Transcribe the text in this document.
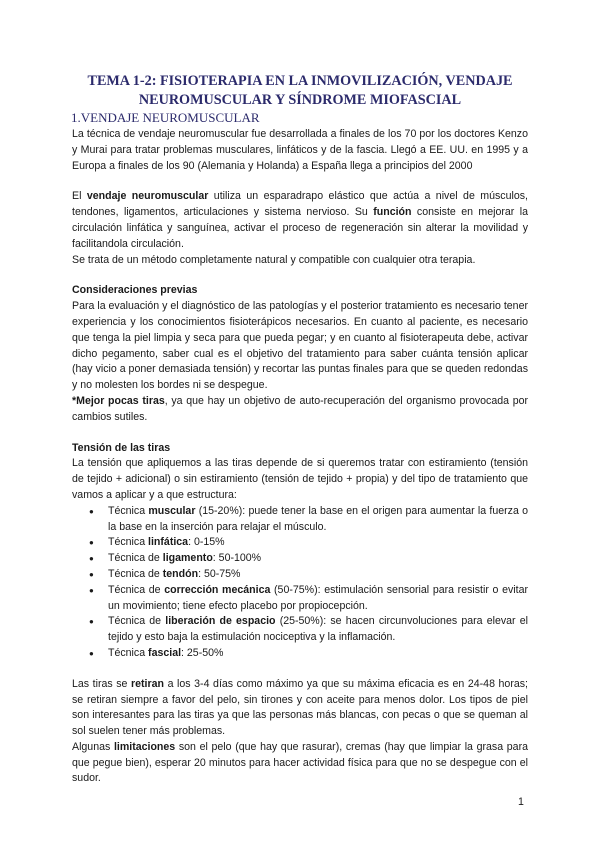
TEMA 1-2: FISIOTERAPIA EN LA INMOVILIZACIÓN, VENDAJE
NEUROMUSCULAR Y SÍNDROME MIOFASCIAL
1.VENDAJE NEUROMUSCULAR

La técnica de vendaje neuromuscular fue desarrollada a finales de los 70 por los doctores Kenzo y Murai para tratar problemas musculares, linfáticos y de la fascia. Llegó a EE. UU. en 1995 y a Europa a finales de los 90 (Alemania y Holanda) a España llega a principios del 2000

El vendaje neuromuscular utiliza un esparadrapo elástico que actúa a nivel de músculos, tendones, ligamentos, articulaciones y sistema nervioso. Su función consiste en mejorar la circulación linfática y sanguínea, activar el proceso de regeneración sin alterar la movilidad y facilitandola circulación.

Se trata de un método completamente natural y compatible con cualquier otra terapia.

Consideraciones previas

Para la evaluación y el diagnóstico de las patologías y el posterior tratamiento es necesario tener experiencia y los conocimientos fisioterápicos necesarios. En cuanto al paciente, es necesario que tenga la piel limpia y seca para que pueda pegar; y en cuanto al fisioterapeuta debe, activar dicho pegamento, saber cual es el objetivo del tratamiento para saber cuánta tensión aplicar (hay vicio a poner demasiada tensión) y recortar las puntas finales para que se queden redondas y no molesten los bordes ni se despegue.

*Mejor pocas tiras, ya que hay un objetivo de auto-recuperación del organismo provocada por cambios sutiles.

Tensión de las tiras

La tensión que apliquemos a las tiras depende de si queremos tratar con estiramiento (tensión de tejido + adicional) o sin estiramiento (tensión de tejido + propia) y del tipo de tratamiento que vamos a aplicar y a que estructura:

● Técnica muscular (15-20%): puede tener la base en el origen para aumentar la fuerza o la base en la inserción para relajar el músculo.
● Técnica linfática: 0-15%
● Técnica de ligamento: 50-100%
● Técnica de tendón: 50-75%
● Técnica de corrección mecánica (50-75%): estimulación sensorial para resistir o evitar un movimiento; tiene efecto placebo por propiocepción.
● Técnica de liberación de espacio (25-50%): se hacen circunvoluciones para elevar el tejido y esto baja la estimulación nociceptiva y la inflamación.
● Técnica fascial: 25-50%

Las tiras se retiran a los 3-4 días como máximo ya que su máxima eficacia es en 24-48 horas; se retiran siempre a favor del pelo, sin tirones y con aceite para menos dolor. Los tipos de piel son interesantes para las tiras ya que las personas más blancas, con pecas o que se queman al sol suelen tener más problemas.

Algunas limitaciones son el pelo (que hay que rasurar), cremas (hay que limpiar la grasa para que pegue bien), esperar 20 minutos para hacer actividad física para que no se despegue con el sudor.

1
